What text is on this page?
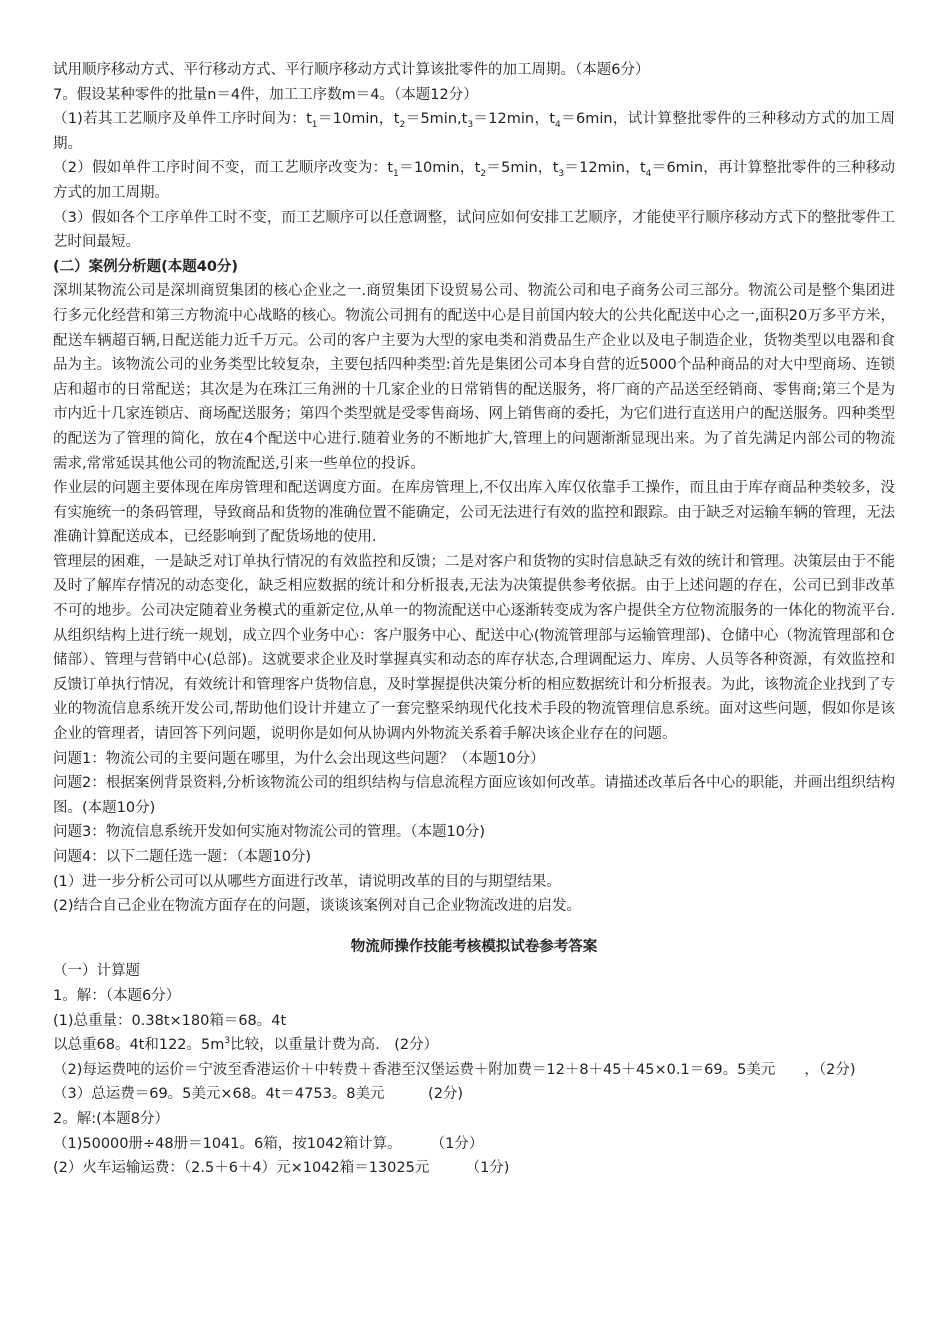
试用顺序移动方式、平行移动方式、平行顺序移动方式计算该批零件的加工周期。（本题6分）

7。假设某种零件的批量n＝4件，加工工序数m＝4。（本题12分）

（1)若其工艺顺序及单件工序时间为：$t_1=10\min$，$t_2=5\min,t_3=12\min$，$t_4=6\min$，试计算整批零件的三种移动方式的加工周期。

（2）假如单件工序时间不变，而工艺顺序改变为：$t_1=10\min$，$t_2=5\min$，$t_3=12\min$，$t_4=6\min$，再计算整批零件的三种移动方式的加工周期。

（3）假如各个工序单件工时不变，而工艺顺序可以任意调整，试问应如何安排工艺顺序，才能使平行顺序移动方式下的整批零件工艺时间最短。

(二）案例分析题(本题40分)

深圳某物流公司是深圳商贸集团的核心企业之一.商贸集团下设贸易公司、物流公司和电子商务公司三部分。物流公司是整个集团进行多元化经营和第三方物流中心战略的核心。物流公司拥有的配送中心是目前国内较大的公共化配送中心之一,面积20万多平方米，配送车辆超百辆,日配送能力近千万元。公司的客户主要为大型的家电类和消费品生产企业以及电子制造企业，货物类型以电器和食品为主。该物流公司的业务类型比较复杂，主要包括四种类型:首先是集团公司本身自营的近5000个品种商品的对大中型商场、连锁店和超市的日常配送；其次是为在珠江三角洲的十几家企业的日常销售的配送服务，将厂商的产品送至经销商、零售商;第三个是为市内近十几家连锁店、商场配送服务；第四个类型就是受零售商场、网上销售商的委托，为它们进行直送用户的配送服务。四种类型的配送为了管理的简化，放在4个配送中心进行.随着业务的不断地扩大,管理上的问题渐渐显现出来。为了首先满足内部公司的物流需求,常常延误其他公司的物流配送,引来一些单位的投诉。

作业层的问题主要体现在库房管理和配送调度方面。在库房管理上,不仅出库入库仅依靠手工操作，而且由于库存商品种类较多，没有实施统一的条码管理，导致商品和货物的准确位置不能确定，公司无法进行有效的监控和跟踪。由于缺乏对运输车辆的管理，无法准确计算配送成本，已经影响到了配货场地的使用.

管理层的困难，一是缺乏对订单执行情况的有效监控和反馈；二是对客户和货物的实时信息缺乏有效的统计和管理。决策层由于不能及时了解库存情况的动态变化，缺乏相应数据的统计和分析报表,无法为决策提供参考依据。由于上述问题的存在，公司已到非改革不可的地步。公司决定随着业务模式的重新定位,从单一的物流配送中心逐渐转变成为客户提供全方位物流服务的一体化的物流平台.从组织结构上进行统一规划，成立四个业务中心：客户服务中心、配送中心(物流管理部与运输管理部)、仓储中心（物流管理部和仓储部）、管理与营销中心(总部)。这就要求企业及时掌握真实和动态的库存状态,合理调配运力、库房、人员等各种资源，有效监控和反馈订单执行情况，有效统计和管理客户货物信息，及时掌握提供决策分析的相应数据统计和分析报表。为此，该物流企业找到了专业的物流信息系统开发公司,帮助他们设计并建立了一套完整采纳现代化技术手段的物流管理信息系统。面对这些问题，假如你是该企业的管理者，请回答下列问题，说明你是如何从协调内外物流关系着手解决该企业存在的问题。

问题1：物流公司的主要问题在哪里，为什么会出现这些问题？（本题10分）

问题2：根据案例背景资料,分析该物流公司的组织结构与信息流程方面应该如何改革。请描述改革后各中心的职能，并画出组织结构图。(本题10分)

问题3：物流信息系统开发如何实施对物流公司的管理。（本题10分)

问题4：以下二题任选一题：（本题10分)

(1）进一步分析公司可以从哪些方面进行改革，请说明改革的目的与期望结果。

(2)结合自己企业在物流方面存在的问题，谈谈该案例对自己企业物流改进的启发。

物流师操作技能考核模拟试卷参考答案

（一）计算题

1。解：（本题6分）

(1)总重量：0.38t×180箱＝68。4t

以总重68。4t和122。$5m^3$比较，以重量计费为高.　(2分）

（2)每运费吨的运价＝宁波至香港运价＋中转费＋香港至汉堡运费＋附加费＝12＋8＋45＋45×0.1＝69。5美元　　，（2分)

（3）总运费＝69。5美元×68。4t＝4753。8美元　　　(2分)

2。解:(本题8分）

（1)50000册÷48册＝1041。6箱，按1042箱计算。　　　（1分）

(2）火车运输运费：（2.5＋6＋4）元×1042箱＝13025元　　　（1分)
